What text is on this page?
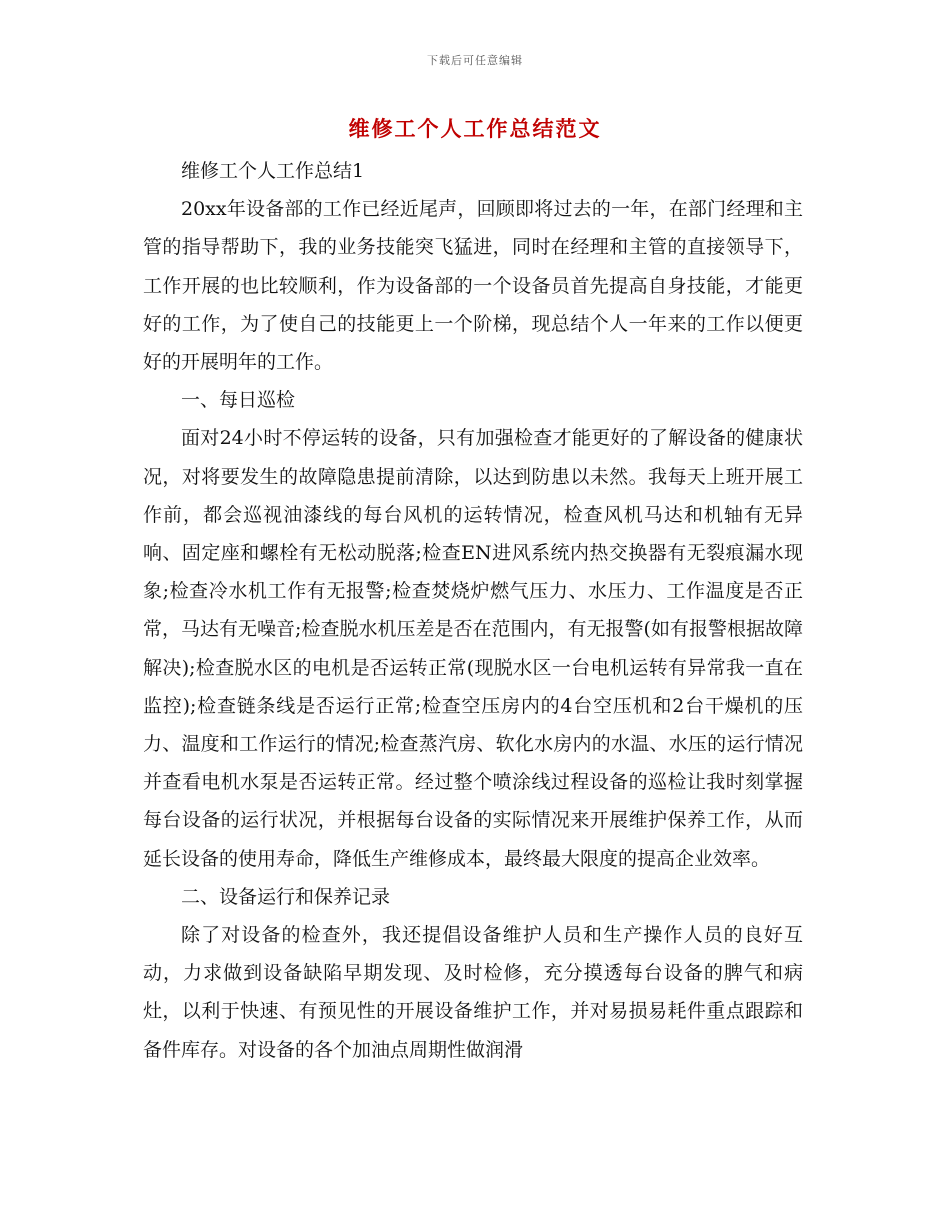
下载后可任意编辑
维修工个人工作总结范文

维修工个人工作总结1

20xx年设备部的工作已经近尾声，回顾即将过去的一年，在部门经理和主管的指导帮助下，我的业务技能突飞猛进，同时在经理和主管的直接领导下，工作开展的也比较顺利，作为设备部的一个设备员首先提高自身技能，才能更好的工作，为了使自己的技能更上一个阶梯，现总结个人一年来的工作以便更好的开展明年的工作。

一、每日巡检

面对24小时不停运转的设备，只有加强检查才能更好的了解设备的健康状况，对将要发生的故障隐患提前清除，以达到防患以未然。我每天上班开展工作前，都会巡视油漆线的每台风机的运转情况，检查风机马达和机轴有无异响、固定座和螺栓有无松动脱落;检查EN进风系统内热交换器有无裂痕漏水现象;检查冷水机工作有无报警;检查焚烧炉燃气压力、水压力、工作温度是否正常，马达有无噪音;检查脱水机压差是否在范围内，有无报警(如有报警根据故障解决);检查脱水区的电机是否运转正常(现脱水区一台电机运转有异常我一直在监控);检查链条线是否运行正常;检查空压房内的4台空压机和2台干燥机的压力、温度和工作运行的情况;检查蒸汽房、软化水房内的水温、水压的运行情况并查看电机水泵是否运转正常。经过整个喷涂线过程设备的巡检让我时刻掌握每台设备的运行状况，并根据每台设备的实际情况来开展维护保养工作，从而延长设备的使用寿命，降低生产维修成本，最终最大限度的提高企业效率。

二、设备运行和保养记录

除了对设备的检查外，我还提倡设备维护人员和生产操作人员的良好互动，力求做到设备缺陷早期发现、及时检修，充分摸透每台设备的脾气和病灶，以利于快速、有预见性的开展设备维护工作，并对易损易耗件重点跟踪和备件库存。对设备的各个加油点周期性做润滑
